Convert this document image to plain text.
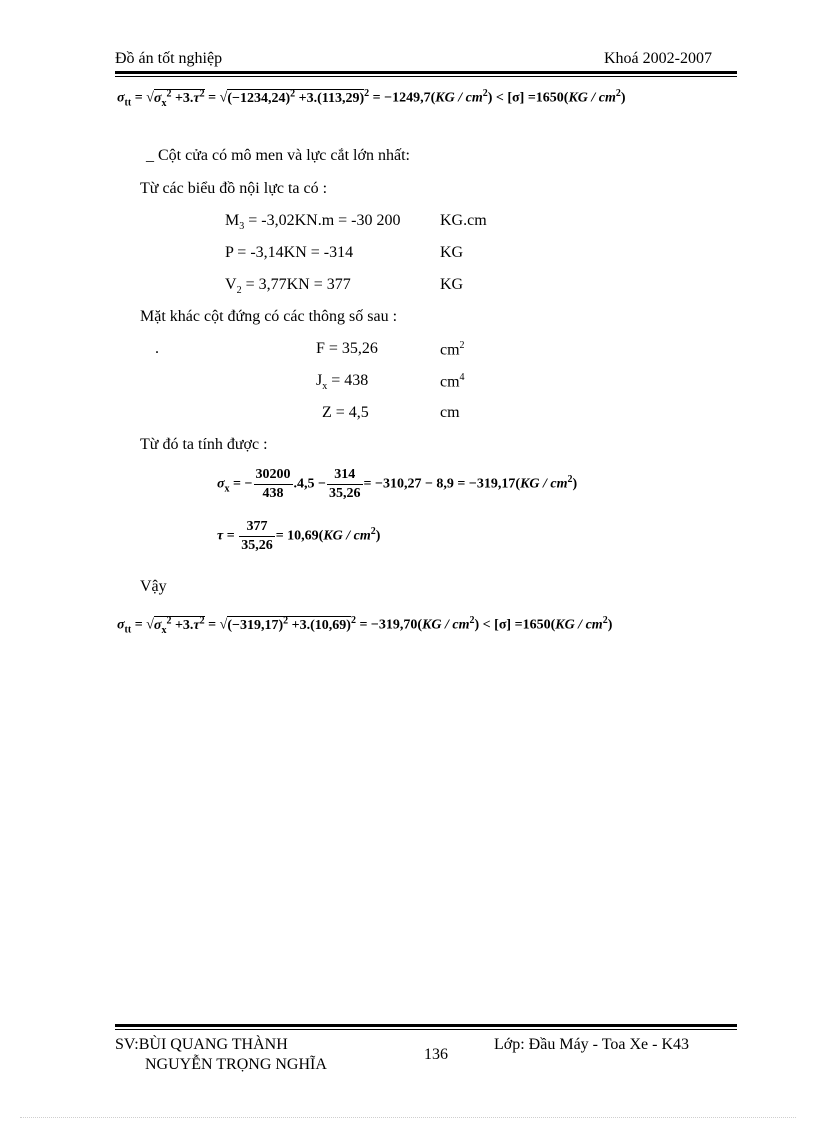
Đồ án tốt nghiệp	Khoá 2002-2007
$\sigma_{tt} = √\sigma_x^2 +3.\tau^2 = √(-1234,24)^2 +3.(113,29)^2 = -1249,7(KG / cm^2) < [\sigma] =1650(KG / cm^2)$
_ Cột cửa có mô men và lực cắt lớn nhất:
Từ các biểu đồ nội lực ta có :
$M_3 = -3,02KN.m = -30$ 200 KG.cm
P = -3,14KN = -314	KG
$V_2 = 3,77KN = 377$	KG
Mặt khác cột đứng có các thông số sau :
.	F = 35,26	$cm^2$
$J_x = 438$	$cm^4$
Z = 4,5	cm
Từ đó ta tính được :
$\sigma_x$ = − $\frac{30200}{438} .4,5 - \frac{314}{35,26} = -310,27 - 8,9 = -319,17(KG / cm^2)$
$\tau = \frac{377}{35,26} = 10,69(KG / cm^2)$
Vậy
$\sigma_{tt} = √\sigma_x^2 +3.\tau^2 = √(-319,17)^2 +3.(10,69)^2 = -319,70(KG / cm^2) < [\sigma] =1650(KG / cm^2)$
SV:BÙI QUANG THÀNH
NGUYỄN TRỌNG NGHĨA
136
Lớp: Đầu Máy - Toa Xe - K43
